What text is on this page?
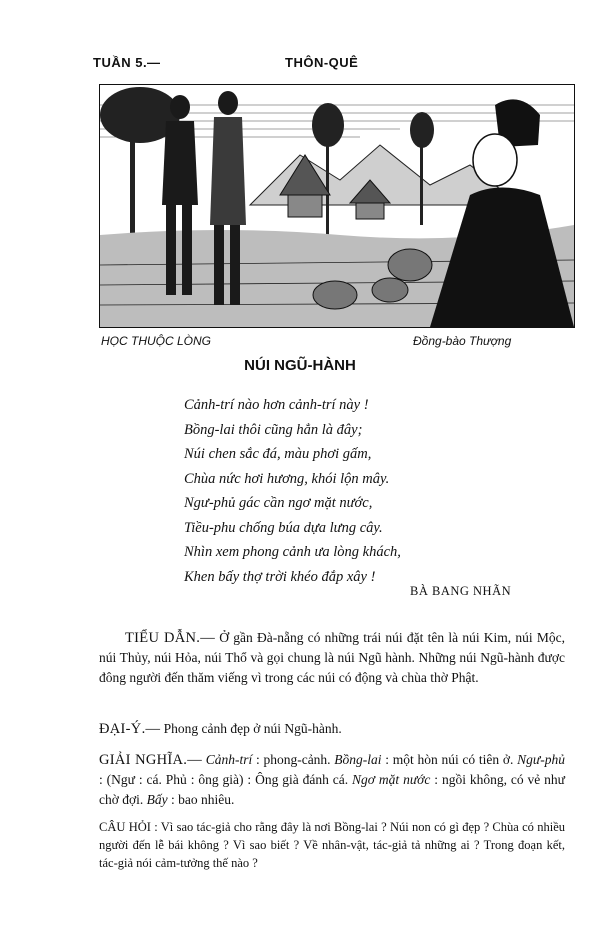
TUẦN 5.—	THÔN-QUÊ
HỌC THUỘC LÒNG	Đồng-bào Thượng
NÚI NGŨ-HÀNH
Cảnh-trí nào hơn cảnh-trí này !
Bồng-lai thôi cũng hẳn là đây;
Núi chen sắc đá, màu phơi gấm,
Chùa nức hơi hương, khói lộn mây.
Ngư-phủ gác cần ngơ mặt nước,
Tiều-phu chống búa dựa lưng cây.
Nhìn xem phong cảnh ưa lòng khách,
Khen bấy thợ trời khéo đắp xây !
BÀ BANG NHÃN
TIỂU DẪN.— Ở gần Đà-nẵng có những trái núi đặt tên là núi Kim, núi Mộc, núi Thủy, núi Hỏa, núi Thổ và gọi chung là núi Ngũ hành. Những núi Ngũ-hành được đông người đến thăm viếng vì trong các núi có động và chùa thờ Phật.
ĐẠI-Ý.— Phong cảnh đẹp ở núi Ngũ-hành.
GIẢI NGHĨA.— Cảnh-trí : phong-cảnh. Bồng-lai : một hòn núi có tiên ở. Ngư-phủ : (Ngư : cá. Phủ : ông già) : Ông già đánh cá. Ngơ mặt nước : ngồi không, có vẻ như chờ đợi. Bấy : bao nhiêu.
CÂU HỎI : Vì sao tác-giả cho rằng đây là nơi Bồng-lai ? Núi non có gì đẹp ? Chùa có nhiều người đến lễ bái không ? Vì sao biết ? Về nhân-vật, tác-giả tả những ai ? Trong đoạn kết, tác-giả nói cảm-tưởng thế nào ?
